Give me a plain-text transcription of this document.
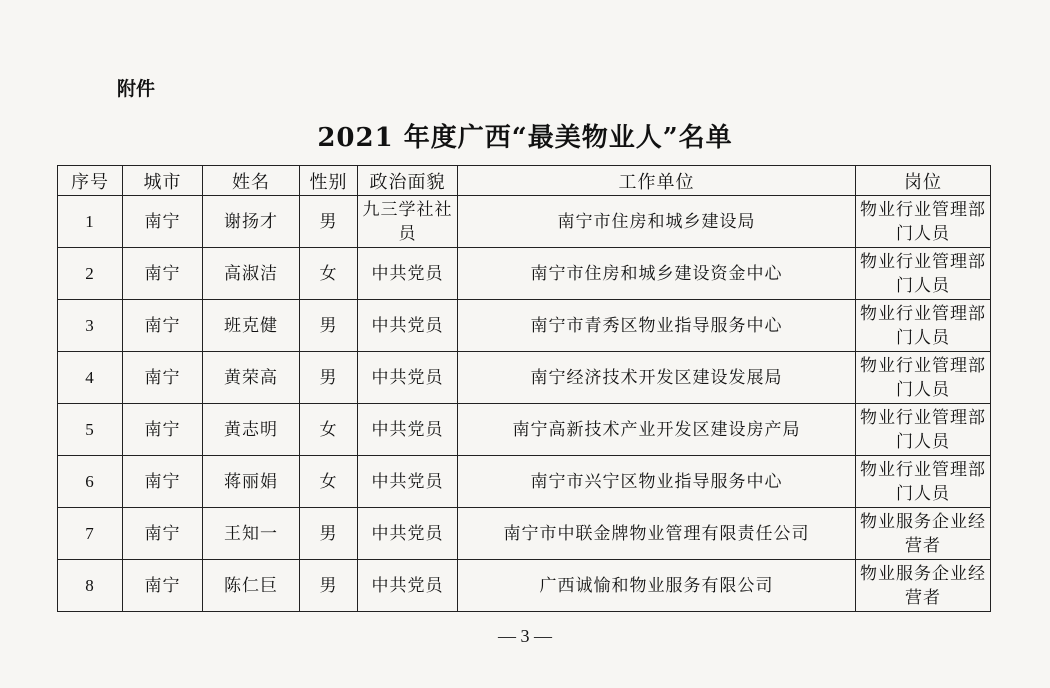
附件
2021 年度广西“最美物业人”名单
序号	城市	姓名	性别	政治面貌	工作单位	岗位
1	南宁	谢扬才	男	九三学社社员	南宁市住房和城乡建设局	物业行业管理部门人员
2	南宁	高淑洁	女	中共党员	南宁市住房和城乡建设资金中心	物业行业管理部门人员
3	南宁	班克健	男	中共党员	南宁市青秀区物业指导服务中心	物业行业管理部门人员
4	南宁	黄荣高	男	中共党员	南宁经济技术开发区建设发展局	物业行业管理部门人员
5	南宁	黄志明	女	中共党员	南宁高新技术产业开发区建设房产局	物业行业管理部门人员
6	南宁	蒋丽娟	女	中共党员	南宁市兴宁区物业指导服务中心	物业行业管理部门人员
7	南宁	王知一	男	中共党员	南宁市中联金牌物业管理有限责任公司	物业服务企业经营者
8	南宁	陈仁巨	男	中共党员	广西诚愉和物业服务有限公司	物业服务企业经营者
— 3 —
